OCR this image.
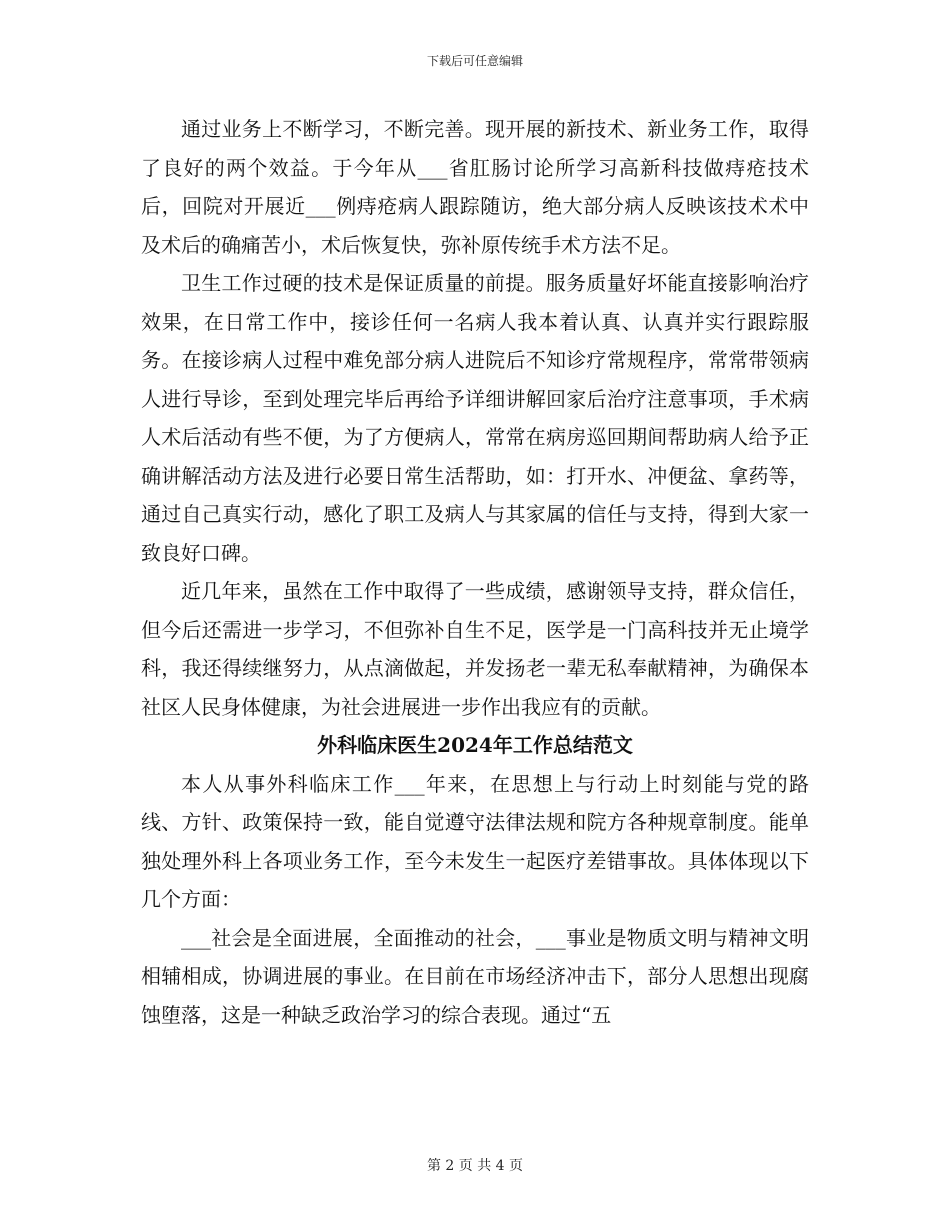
下载后可任意编辑

通过业务上不断学习，不断完善。现开展的新技术、新业务工作，取得了良好的两个效益。于今年从___省肛肠讨论所学习高新科技做痔疮技术后，回院对开展近___例痔疮病人跟踪随访，绝大部分病人反映该技术术中及术后的确痛苦小，术后恢复快，弥补原传统手术方法不足。

卫生工作过硬的技术是保证质量的前提。服务质量好坏能直接影响治疗效果，在日常工作中，接诊任何一名病人我本着认真、认真并实行跟踪服务。在接诊病人过程中难免部分病人进院后不知诊疗常规程序，常常带领病人进行导诊，至到处理完毕后再给予详细讲解回家后治疗注意事项，手术病人术后活动有些不便，为了方便病人，常常在病房巡回期间帮助病人给予正确讲解活动方法及进行必要日常生活帮助，如：打开水、冲便盆、拿药等，通过自己真实行动，感化了职工及病人与其家属的信任与支持，得到大家一致良好口碑。

近几年来，虽然在工作中取得了一些成绩，感谢领导支持，群众信任，但今后还需进一步学习，不但弥补自生不足，医学是一门高科技并无止境学科，我还得续继努力，从点滴做起，并发扬老一辈无私奉献精神，为确保本社区人民身体健康，为社会进展进一步作出我应有的贡献。

外科临床医生2024年工作总结范文

本人从事外科临床工作___年来，在思想上与行动上时刻能与党的路线、方针、政策保持一致，能自觉遵守法律法规和院方各种规章制度。能单独处理外科上各项业务工作，至今未发生一起医疗差错事故。具体体现以下几个方面：

___社会是全面进展，全面推动的社会，___事业是物质文明与精神文明相辅相成，协调进展的事业。在目前在市场经济冲击下，部分人思想出现腐蚀堕落，这是一种缺乏政治学习的综合表现。通过“五

第 2 页 共 4 页
